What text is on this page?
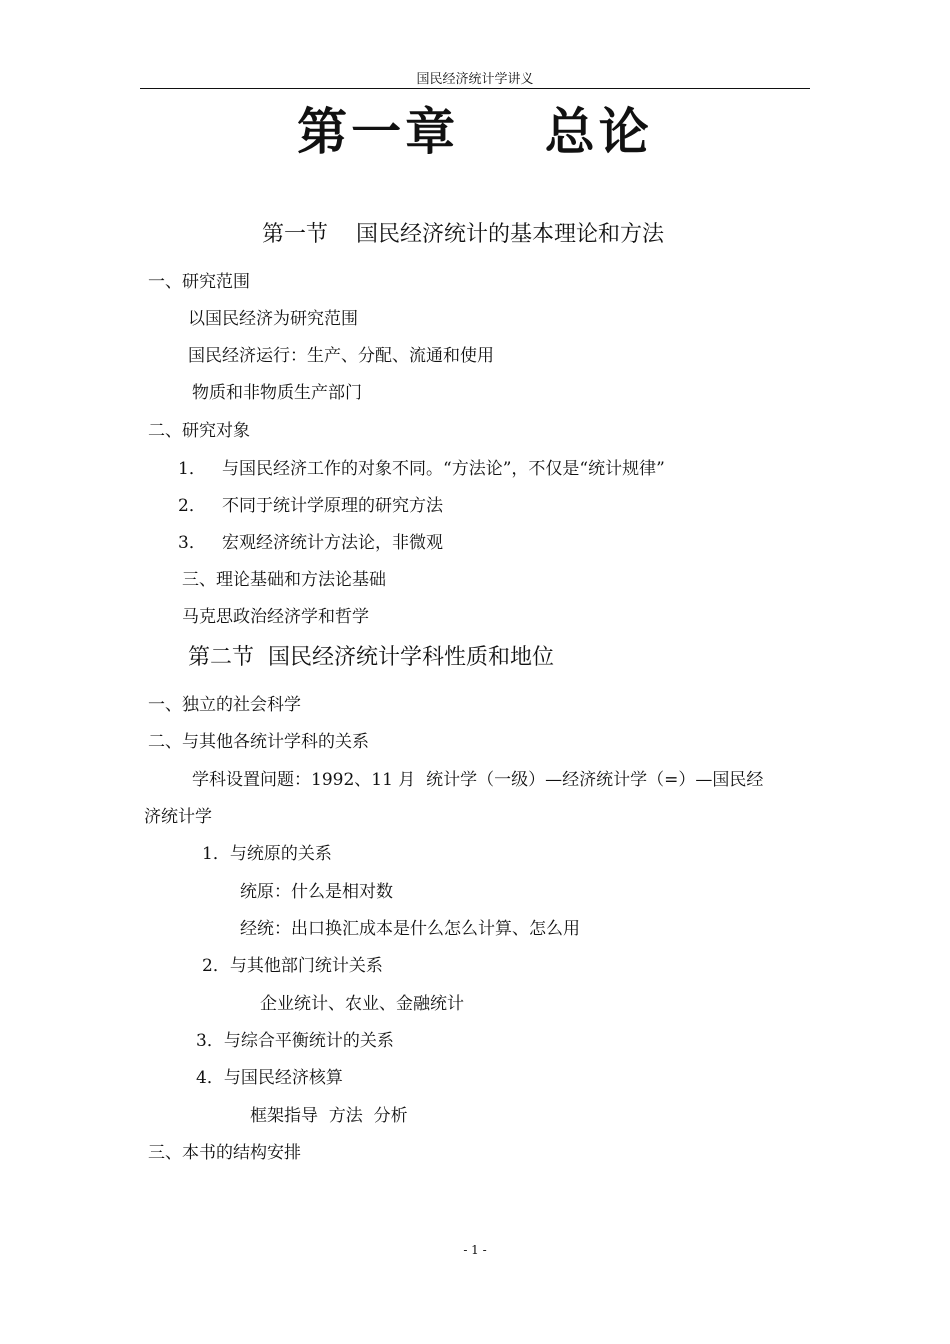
国民经济统计学讲义
第一章    总论
第一节    国民经济统计的基本理论和方法
一、研究范围
以国民经济为研究范围
国民经济运行：生产、分配、流通和使用
物质和非物质生产部门
二、研究对象
1．   与国民经济工作的对象不同。“方法论”，不仅是“统计规律”
2．   不同于统计学原理的研究方法
3．   宏观经济统计方法论，非微观
三、理论基础和方法论基础
马克思政治经济学和哲学
第二节  国民经济统计学科性质和地位
一、独立的社会科学
二、与其他各统计学科的关系
学科设置问题：1992、11 月  统计学（一级）—经济统计学（=）—国民经
济统计学
1．与统原的关系
统原：什么是相对数
经统：出口换汇成本是什么怎么计算、怎么用
2．与其他部门统计关系
企业统计、农业、金融统计
3．与综合平衡统计的关系
4．与国民经济核算
框架指导  方法  分析
三、本书的结构安排
- 1 -
